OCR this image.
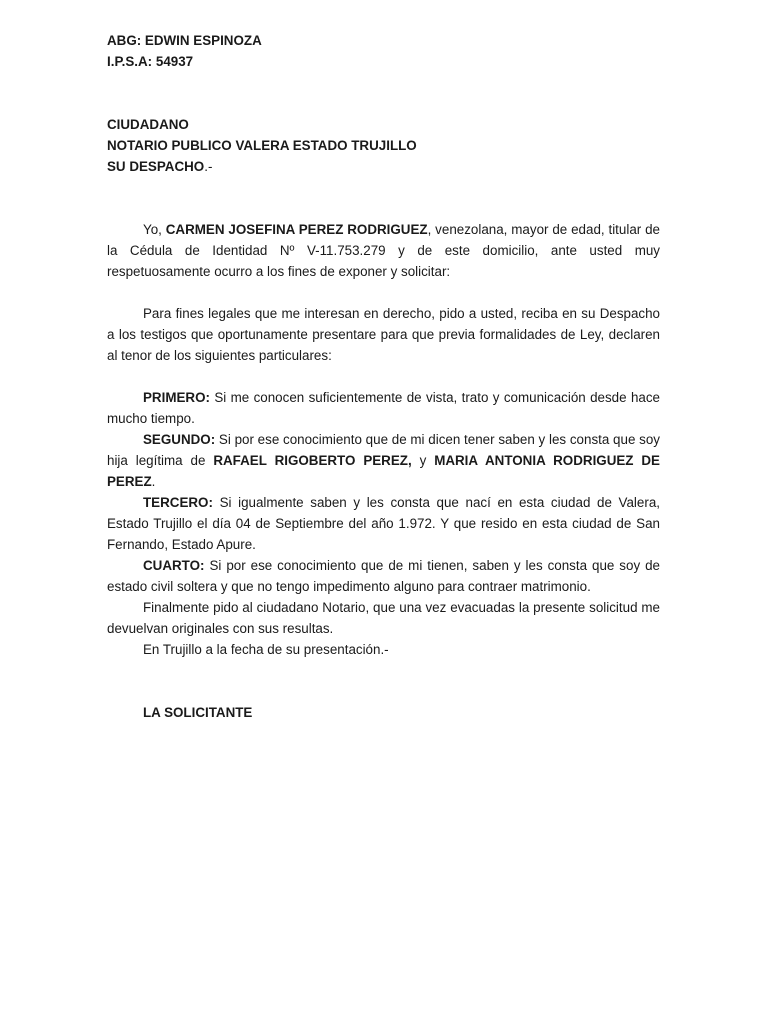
ABG: EDWIN ESPINOZA
I.P.S.A: 54937
CIUDADANO
NOTARIO PUBLICO VALERA ESTADO TRUJILLO
SU DESPACHO.-

Yo, CARMEN JOSEFINA PEREZ RODRIGUEZ, venezolana, mayor de edad, titular de la Cédula de Identidad Nº V-11.753.279 y de este domicilio, ante usted muy respetuosamente ocurro a los fines de exponer y solicitar:

Para fines legales que me interesan en derecho, pido a usted, reciba en su Despacho a los testigos que oportunamente presentare para que previa formalidades de Ley, declaren al tenor de los siguientes particulares:

PRIMERO: Si me conocen suficientemente de vista, trato y comunicación desde hace mucho tiempo.

SEGUNDO: Si por ese conocimiento que de mi dicen tener saben y les consta que soy hija legítima de RAFAEL RIGOBERTO PEREZ, y MARIA ANTONIA RODRIGUEZ DE PEREZ.

TERCERO: Si igualmente saben y les consta que nací en esta ciudad de Valera, Estado Trujillo el día 04 de Septiembre del año 1.972. Y que resido en esta ciudad de San Fernando, Estado Apure.

CUARTO: Si por ese conocimiento que de mi tienen, saben y les consta que soy de estado civil soltera y que no tengo impedimento alguno para contraer matrimonio.

Finalmente pido al ciudadano Notario, que una vez evacuadas la presente solicitud me devuelvan originales con sus resultas.

En Trujillo a la fecha de su presentación.-

LA SOLICITANTE
